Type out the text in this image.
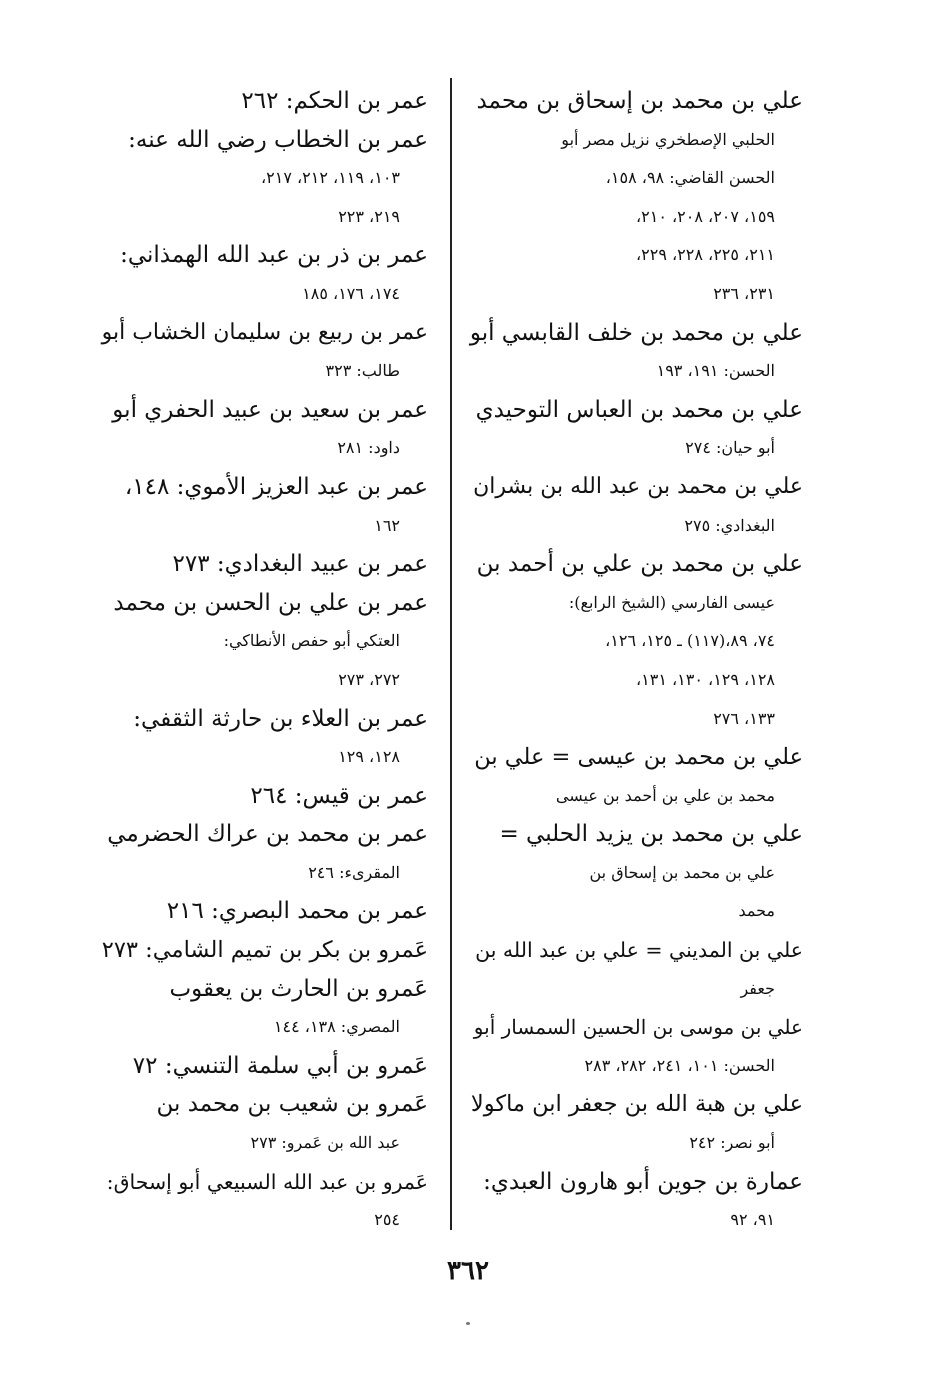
علي بن محمد بن إسحاق بن محمد
الحلبي الإصطخري نزيل مصر أبو
الحسن القاضي: ٩٨، ١٥٨،
١٥٩، ٢٠٧، ٢٠٨، ٢١٠،
٢١١، ٢٢٥، ٢٢٨، ٢٢٩،
٢٣١، ٢٣٦
علي بن محمد بن خلف القابسي أبو
الحسن: ١٩١، ١٩٣
علي بن محمد بن العباس التوحيدي
أبو حيان: ٢٧٤
علي بن محمد بن عبد الله بن بشران
البغدادي: ٢٧٥
علي بن محمد بن علي بن أحمد بن
عيسى الفارسي (الشيخ الرابع):
٧٤، ٨٩،(١١٧) ـ ١٢٥، ١٢٦،
١٢٨، ١٢٩، ١٣٠، ١٣١،
١٣٣، ٢٧٦
علي بن محمد بن عيسى = علي بن
محمد بن علي بن أحمد بن عيسى
علي بن محمد بن يزيد الحلبي =
علي بن محمد بن إسحاق بن
محمد
علي بن المديني = علي بن عبد الله بن
جعفر
علي بن موسى بن الحسين السمسار أبو
الحسن: ١٠١، ٢٤١، ٢٨٢، ٢٨٣
علي بن هبة الله بن جعفر ابن ماكولا
أبو نصر: ٢٤٢
عمارة بن جوين أبو هارون العبدي:
٩١، ٩٢
عمر بن الحكم: ٢٦٢
عمر بن الخطاب رضي الله عنه:
١٠٣، ١١٩، ٢١٢، ٢١٧،
٢١٩، ٢٢٣
عمر بن ذر بن عبد الله الهمذاني:
١٧٤، ١٧٦، ١٨٥
عمر بن ربيع بن سليمان الخشاب أبو
طالب: ٣٢٣
عمر بن سعيد بن عبيد الحفري أبو
داود: ٢٨١
عمر بن عبد العزيز الأموي: ١٤٨،
١٦٢
عمر بن عبيد البغدادي: ٢٧٣
عمر بن علي بن الحسن بن محمد
العتكي أبو حفص الأنطاكي:
٢٧٢، ٢٧٣
عمر بن العلاء بن حارثة الثقفي:
١٢٨، ١٢٩
عمر بن قيس: ٢٦٤
عمر بن محمد بن عراك الحضرمي
المقرىء: ٢٤٦
عمر بن محمد البصري: ٢١٦
عَمرو بن بكر بن تميم الشامي: ٢٧٣
عَمرو بن الحارث بن يعقوب
المصري: ١٣٨، ١٤٤
عَمرو بن أبي سلمة التنسي: ٧٢
عَمرو بن شعيب بن محمد بن
عبد الله بن عَمرو: ٢٧٣
عَمرو بن عبد الله السبيعي أبو إسحاق:
٢٥٤
٣٦٢
